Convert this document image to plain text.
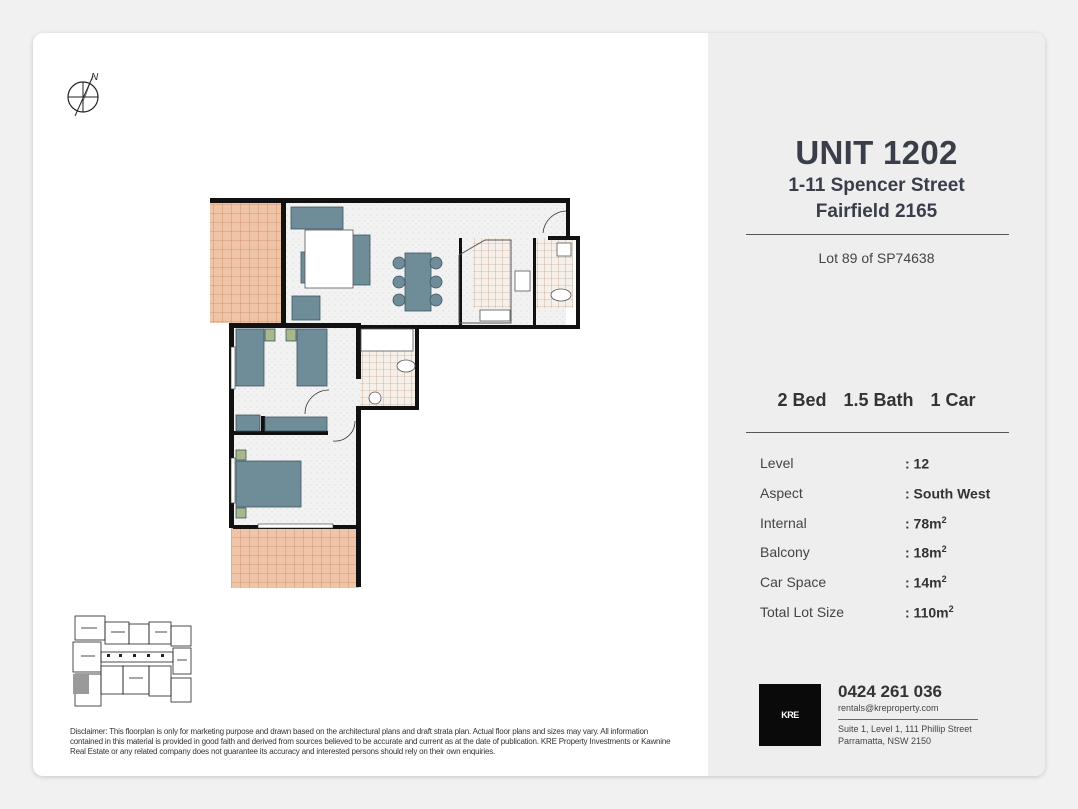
N
Disclaimer: This floorplan is only for marketing purpose and drawn based on the architectural plans and draft strata plan. Actual floor plans and sizes may vary. All information contained in this material is provided in good faith and derived from sources believed to be accurate and current as at the date of publication. KRE Property Investments or Kawnine Real Estate or any related company does not guarantee its accuracy and interested persons should rely on their own enquiries.
UNIT 1202
1-11 Spencer Street
Fairfield 2165
Lot 89 of SP74638
2 Bed 1.5 Bath 1 Car
Level	: 12
Aspect	: South West
Internal	: $78m^2$
Balcony	: $18m^2$
Car Space	: $14m^2$
Total Lot Size	: $110m^2$
KRE
0424 261 036
rentals@kreproperty.com
Suite 1, Level 1, 111 Phillip Street
Parramatta, NSW 2150
